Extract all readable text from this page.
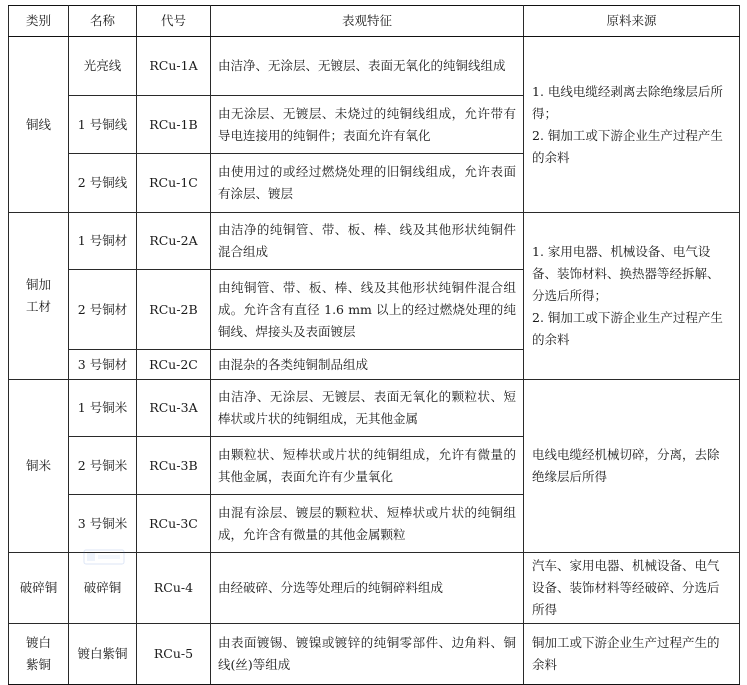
类别	名称	代号	表观特征	原料来源
铜线	光亮线	RCu-1A	由洁净、无涂层、无镀层、表面无氧化的纯铜线组成	1. 电线电缆经剥离去除绝缘层后所得；
2. 铜加工或下游企业生产过程产生的余料

	1 号铜线	RCu-1B	由无涂层、无镀层、未烧过的纯铜线组成，允许带有导电连接用的纯铜件；表面允许有氧化	
	2 号铜线	RCu-1C	由使用过的或经过燃烧处理的旧铜线组成，允许表面有涂层、镀层	

铜加
工材	1 号铜材	RCu-2A	由洁净的纯铜管、带、板、棒、线及其他形状纯铜件混合组成	1. 家用电器、机械设备、电气设备、装饰材料、换热器等经拆解、分选后所得；
2. 铜加工或下游企业生产过程产生的余料

	2 号铜材	RCu-2B	由纯铜管、带、板、棒、线及其他形状纯铜件混合组成。允许含有直径 1.6 mm 以上的经过燃烧处理的纯铜线、焊接头及表面镀层	
	3 号铜材	RCu-2C	由混杂的各类纯铜制品组成	
铜米	1 号铜米	RCu-3A	由洁净、无涂层、无镀层、表面无氧化的颗粒状、短棒状或片状的纯铜组成，无其他金属	电线电缆经机械切碎，分离，去除绝缘层后所得

	2 号铜米	RCu-3B	由颗粒状、短棒状或片状的纯铜组成，允许有微量的其他金属，表面允许有少量氧化	
	3 号铜米	RCu-3C	由混有涂层、镀层的颗粒状、短棒状或片状的纯铜组成，允许含有微量的其他金属颗粒	
破碎铜	破碎铜	RCu-4	由经破碎、分选等处理后的纯铜碎料组成	汽车、家用电器、机械设备、电气设备、装饰材料等经破碎、分选后所得

镀白
紫铜	镀白紫铜	RCu-5	由表面镀锡、镀镍或镀锌的纯铜零部件、边角料、铜线(丝)等组成	铜加工或下游企业生产过程产生的余料
